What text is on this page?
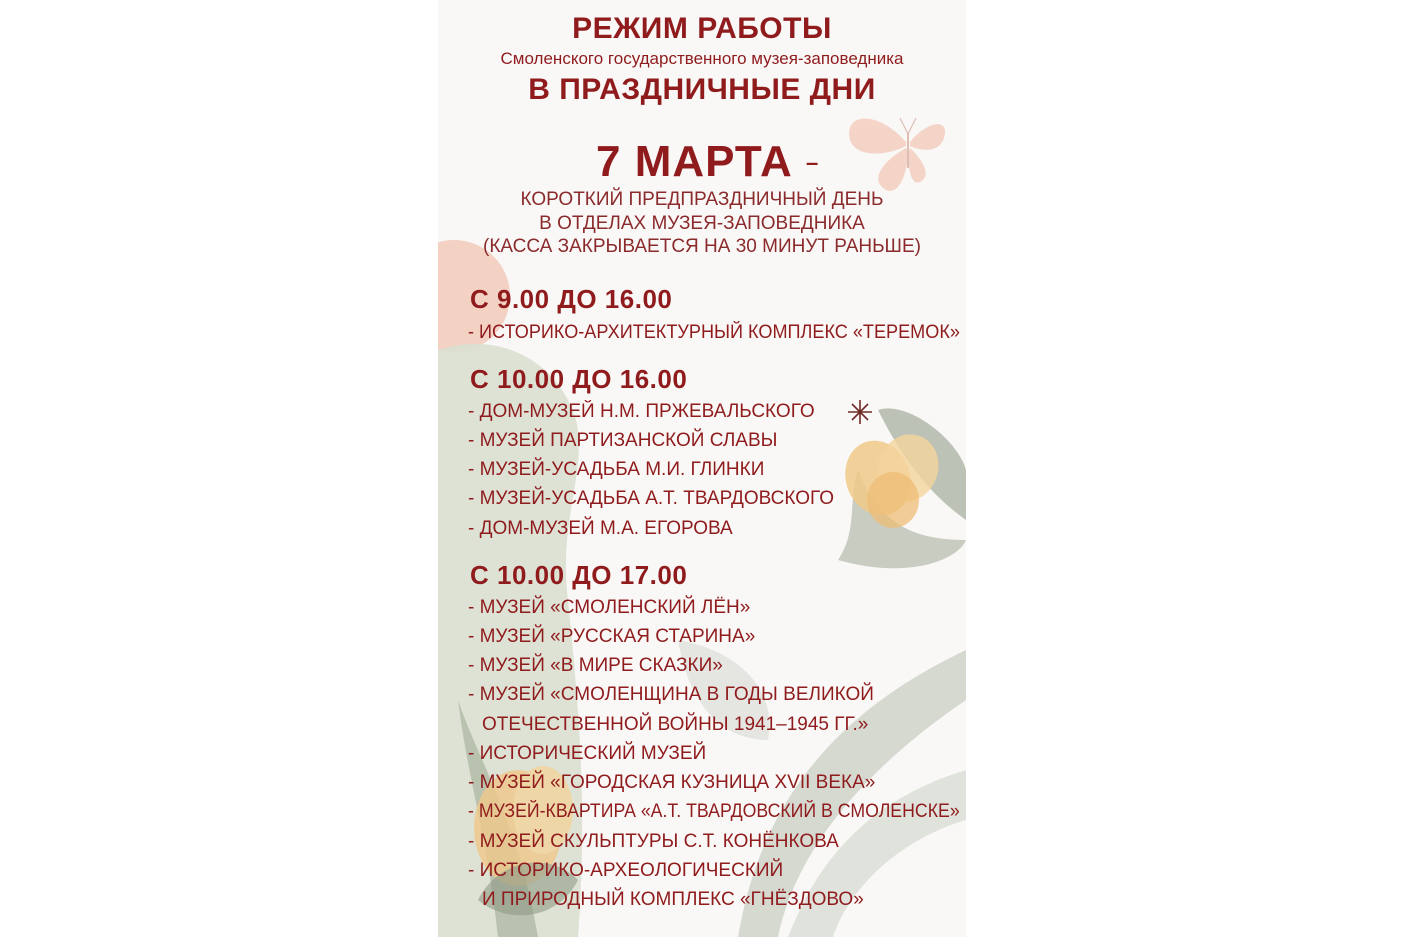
РЕЖИМ РАБОТЫ
Смоленского государственного музея-заповедника
В ПРАЗДНИЧНЫЕ ДНИ
7 МАРТА –
КОРОТКИЙ ПРЕДПРАЗДНИЧНЫЙ ДЕНЬ
В ОТДЕЛАХ МУЗЕЯ-ЗАПОВЕДНИКА
(КАССА ЗАКРЫВАЕТСЯ НА 30 МИНУТ РАНЬШЕ)
С 9.00 ДО 16.00
- ИСТОРИКО-АРХИТЕКТУРНЫЙ КОМПЛЕКС «ТЕРЕМОК»
С 10.00 ДО 16.00
- ДОМ-МУЗЕЙ Н.М. ПРЖЕВАЛЬСКОГО
- МУЗЕЙ ПАРТИЗАНСКОЙ СЛАВЫ
- МУЗЕЙ-УСАДЬБА М.И. ГЛИНКИ
- МУЗЕЙ-УСАДЬБА А.Т. ТВАРДОВСКОГО
- ДОМ-МУЗЕЙ М.А. ЕГОРОВА
С 10.00 ДО 17.00
- МУЗЕЙ «СМОЛЕНСКИЙ ЛЁН»
- МУЗЕЙ «РУССКАЯ СТАРИНА»
- МУЗЕЙ «В МИРЕ СКАЗКИ»
- МУЗЕЙ «СМОЛЕНЩИНА В ГОДЫ ВЕЛИКОЙ
ОТЕЧЕСТВЕННОЙ ВОЙНЫ 1941–1945 ГГ.»
- ИСТОРИЧЕСКИЙ МУЗЕЙ
- МУЗЕЙ «ГОРОДСКАЯ КУЗНИЦА XVII ВЕКА»
- МУЗЕЙ-КВАРТИРА «А.Т. ТВАРДОВСКИЙ В СМОЛЕНСКЕ»
- МУЗЕЙ СКУЛЬПТУРЫ С.Т. КОНЁНКОВА
- ИСТОРИКО-АРХЕОЛОГИЧЕСКИЙ
И ПРИРОДНЫЙ КОМПЛЕКС «ГНЁЗДОВО»
